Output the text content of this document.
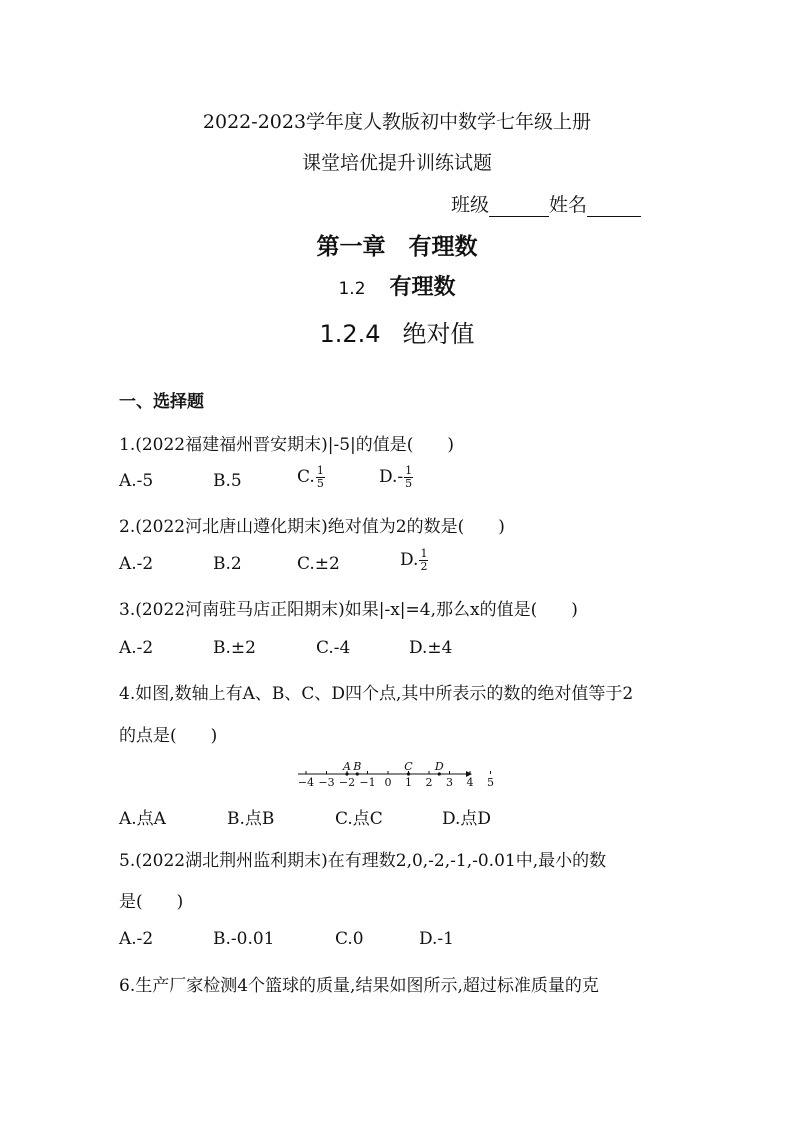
2022-2023学年度人教版初中数学七年级上册
课堂培优提升训练试题
班级	姓名
第一章　有理数
1.2 有理数
1.2.4 绝对值
一、选择题
1.(2022福建福州晋安期末)|-5|的值是(　　)
A.-5	B.5	C. $\frac{1}{5}$	$D.- \frac{1}{5}$
2.(2022河北唐山遵化期末)绝对值为2的数是(　　)
A.-2	B.2	C.±2	D. $\frac{1}{2}$
3.(2022河南驻马店正阳期末)如果|-x|=4,那么x的值是(　　)
A.-2	B.±2	C.-4	D.±4
4.如图,数轴上有A、B、C、D四个点,其中所表示的数的绝对值等于2
的点是(　　)
−4 −3 −2 −1 0 1 2 3 4 5
A B	C D
A.点A	B.点B	C.点C	D.点D
5.(2022湖北荆州监利期末)在有理数2,0,-2,-1,-0.01中,最小的数
是(　　)
A.-2	B.-0.01	C.0	D.-1
6.生产厂家检测4个篮球的质量,结果如图所示,超过标准质量的克
